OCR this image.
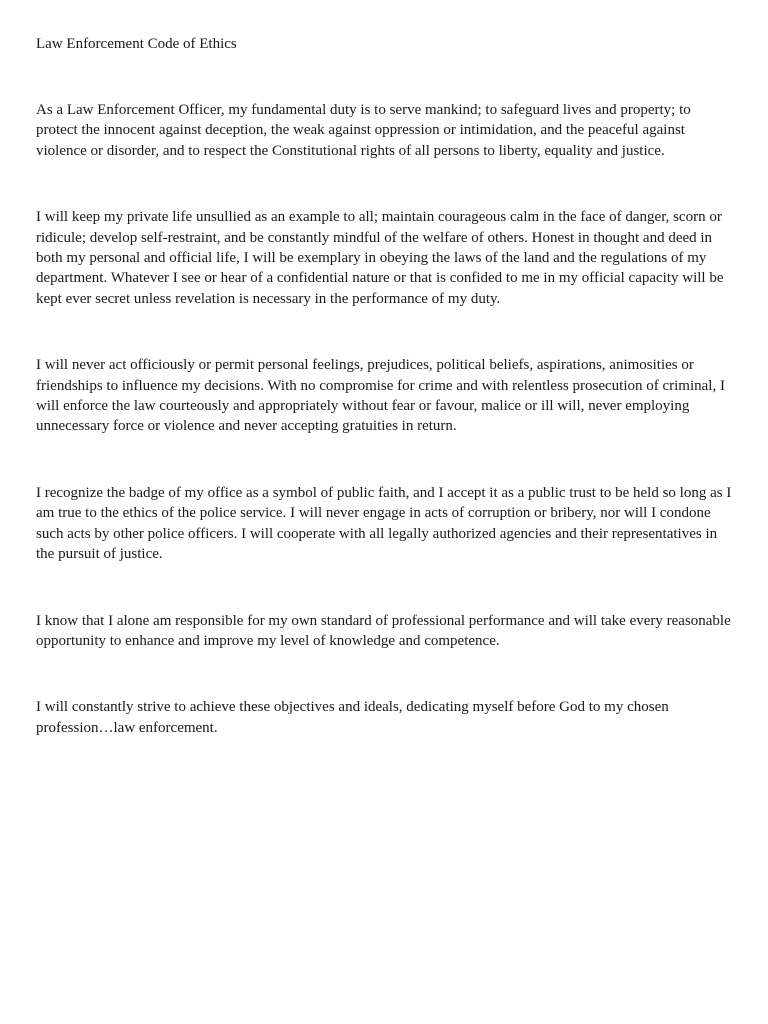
Law Enforcement Code of Ethics

As a Law Enforcement Officer, my fundamental duty is to serve mankind; to safeguard lives and property; to protect the innocent against deception, the weak against oppression or intimidation, and the peaceful against violence or disorder, and to respect the Constitutional rights of all persons to liberty, equality and justice.

I will keep my private life unsullied as an example to all; maintain courageous calm in the face of danger, scorn or ridicule; develop self-restraint, and be constantly mindful of the welfare of others. Honest in thought and deed in both my personal and official life, I will be exemplary in obeying the laws of the land and the regulations of my department. Whatever I see or hear of a confidential nature or that is confided to me in my official capacity will be kept ever secret unless revelation is necessary in the performance of my duty.

I will never act officiously or permit personal feelings, prejudices, political beliefs, aspirations, animosities or friendships to influence my decisions. With no compromise for crime and with relentless prosecution of criminal, I will enforce the law courteously and appropriately without fear or favour, malice or ill will, never employing unnecessary force or violence and never accepting gratuities in return.

I recognize the badge of my office as a symbol of public faith, and I accept it as a public trust to be held so long as I am true to the ethics of the police service. I will never engage in acts of corruption or bribery, nor will I condone such acts by other police officers. I will cooperate with all legally authorized agencies and their representatives in the pursuit of justice.

I know that I alone am responsible for my own standard of professional performance and will take every reasonable opportunity to enhance and improve my level of knowledge and competence.

I will constantly strive to achieve these objectives and ideals, dedicating myself before God to my chosen profession…law enforcement.
